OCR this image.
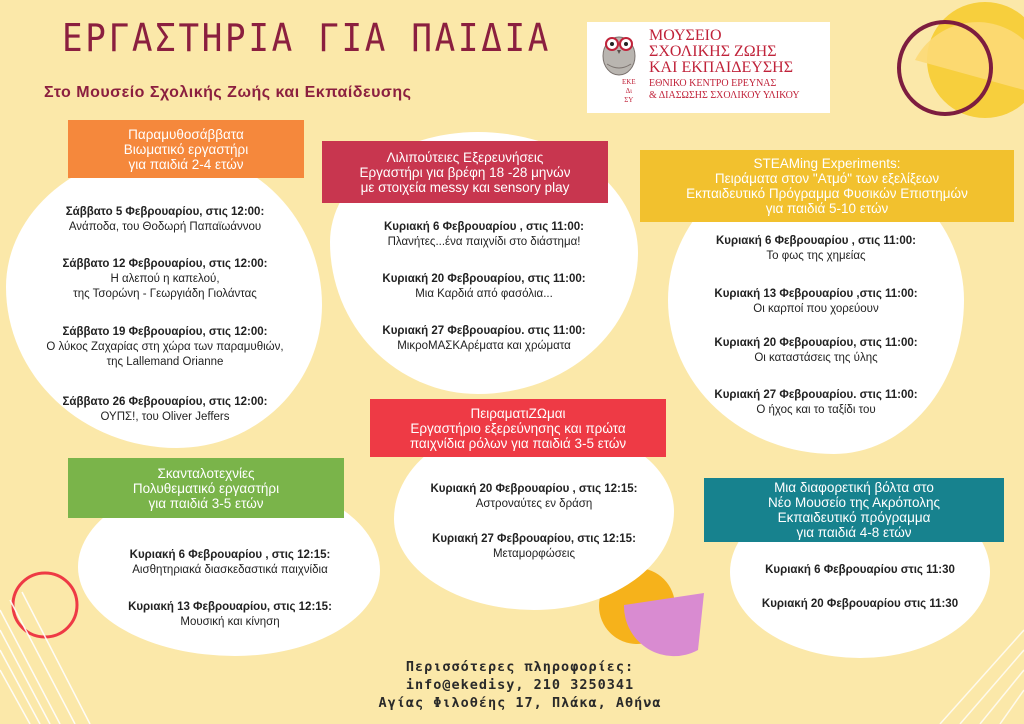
ΕΡΓΑΣΤΗΡΙΑ ΓΙΑ ΠΑΙΔΙΑ
Στο Μουσείο Σχολικής Ζωής και Εκπαίδευσης
ΕΚΕ
Δι
ΣΥ
ΜΟΥΣΕΙΟ
ΣΧΟΛΙΚΗΣ ΖΩΗΣ
ΚΑΙ ΕΚΠΑΙΔΕΥΣΗΣ
ΕΘΝΙΚΟ ΚΕΝΤΡΟ ΕΡΕΥΝΑΣ
& ΔΙΑΣΩΣΗΣ ΣΧΟΛΙΚΟΥ ΥΛΙΚΟΥ
Παραμυθοσάββατα
Βιωματικό εργαστήρι
για παιδιά 2-4 ετών
Σάββατο 5 Φεβρουαρίου, στις 12:00:
Ανάποδα, του Θοδωρή Παπαϊωάννου
Σάββατο 12 Φεβρουαρίου, στις 12:00:
Η αλεπού η καπελού,
της Τσορώνη - Γεωργιάδη Γιολάντας
Σάββατο 19 Φεβρουαρίου, στις 12:00:
Ο λύκος Ζαχαρίας στη χώρα των παραμυθιών,
της Lallemand Orianne
Σάββατο 26 Φεβρουαρίου, στις 12:00:
ΟΥΠΣ!, του Oliver Jeffers
Λιλιπούτειες Εξερευνήσεις
Εργαστήρι για βρέφη 18 -28 μηνών
με στοιχεία messy και sensory play
Κυριακή 6 Φεβρουαρίου , στις 11:00:
Πλανήτες...ένα παιχνίδι στο διάστημα!
Κυριακή 20 Φεβρουαρίου, στις 11:00:
Μια Καρδιά από φασόλια...
Κυριακή 27 Φεβρουαρίου. στις 11:00:
ΜικροΜΑΣΚΑρέματα και χρώματα
STEAMing Experiments:
Πειράματα στον "Ατμό" των εξελίξεων
Εκπαιδευτικό Πρόγραμμα Φυσικών Επιστημών
για παιδιά 5-10 ετών
Κυριακή 6 Φεβρουαρίου , στις 11:00:
Το φως της χημείας
Κυριακή 13 Φεβρουαρίου ,στις 11:00:
Οι καρποί που χορεύουν
Κυριακή 20 Φεβρουαρίου, στις 11:00:
Οι καταστάσεις της ύλης
Κυριακή 27 Φεβρουαρίου. στις 11:00:
Ο ήχος και το ταξίδι του
ΠειραματιΖΩμαι
Εργαστήριο εξερεύνησης και πρώτα
παιχνίδια ρόλων για παιδιά 3-5 ετών
Κυριακή 20 Φεβρουαρίου , στις 12:15:
Αστροναύτες εν δράση
Κυριακή 27 Φεβρουαρίου, στις 12:15:
Μεταμορφώσεις
Σκανταλοτεχνίες
Πολυθεματικό εργαστήρι
για παιδιά 3-5 ετών
Κυριακή 6 Φεβρουαρίου , στις 12:15:
Αισθητηριακά διασκεδαστικά παιχνίδια
Κυριακή 13 Φεβρουαρίου, στις 12:15:
Μουσική και κίνηση
Μια διαφορετική βόλτα στο
Νέο Μουσείο της Ακρόπολης
Εκπαιδευτικό πρόγραμμα
για παιδιά 4-8 ετών
Κυριακή 6 Φεβρουαρίου στις 11:30
Κυριακή 20 Φεβρουαρίου στις 11:30
Περισσότερες πληροφορίες:
info@ekedisy, 210 3250341
Αγίας Φιλοθέης 17, Πλάκα, Αθήνα
